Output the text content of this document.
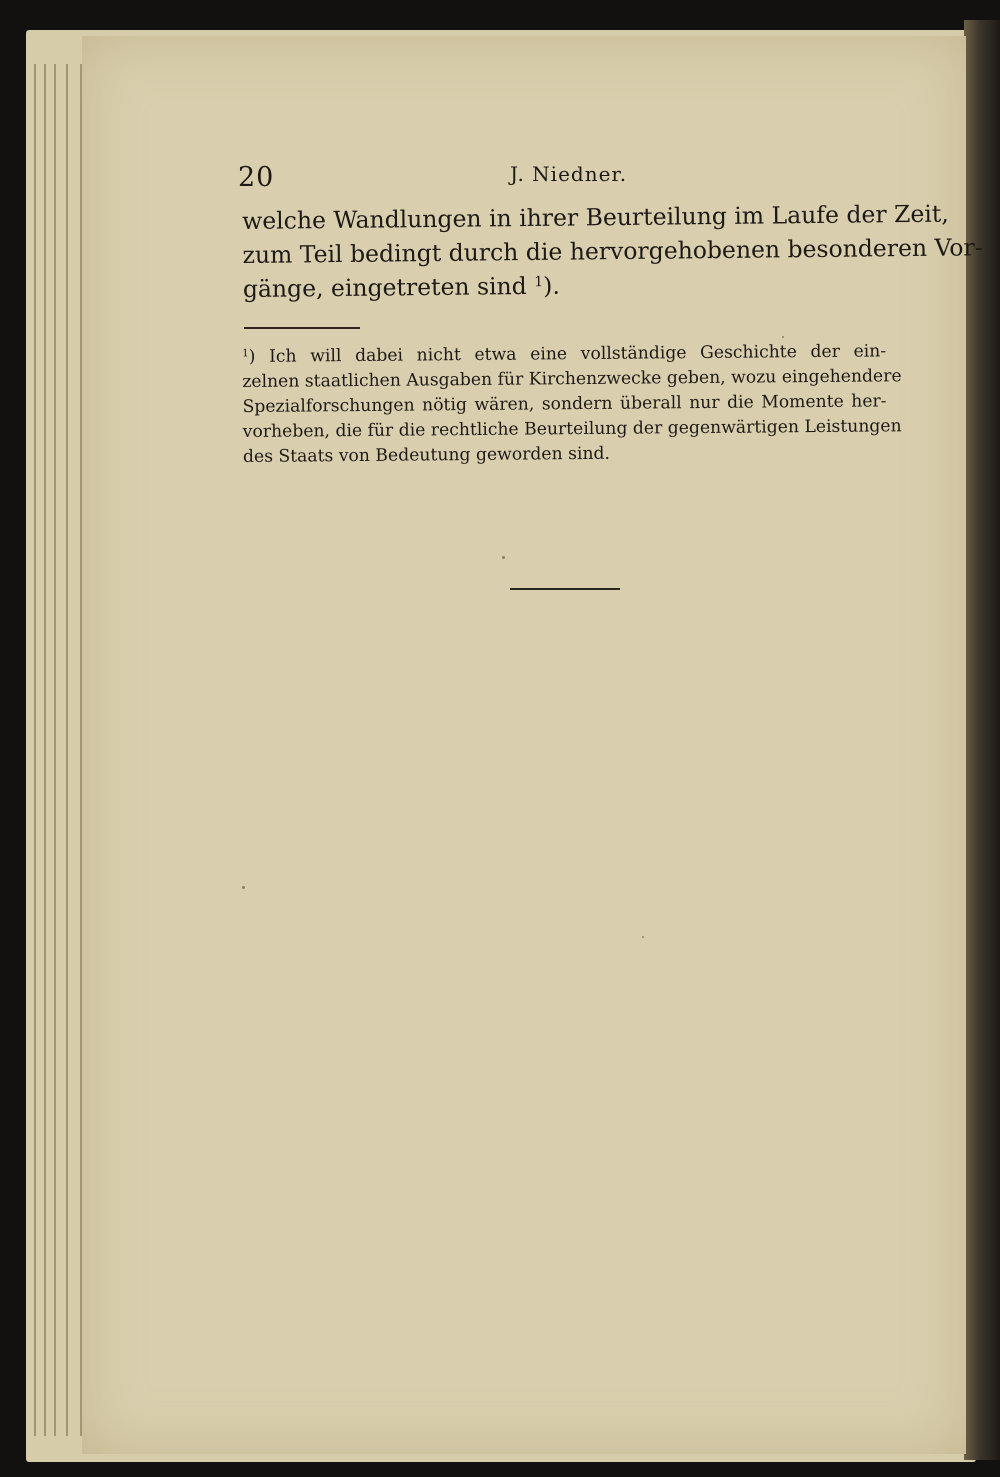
20	J. Niedner.
welche Wandlungen in ihrer Beurteilung im Laufe der Zeit,
zum Teil bedingt durch die hervorgehobenen besonderen Vor-
gänge, eingetreten sind $^1$).
$^1$) Ich will dabei nicht etwa eine vollständige Geschichte der ein-
zelnen staatlichen Ausgaben für Kirchenzwecke geben, wozu eingehendere
Spezialforschungen nötig wären, sondern überall nur die Momente her-
vorheben, die für die rechtliche Beurteilung der gegenwärtigen Leistungen
des Staats von Bedeutung geworden sind.
